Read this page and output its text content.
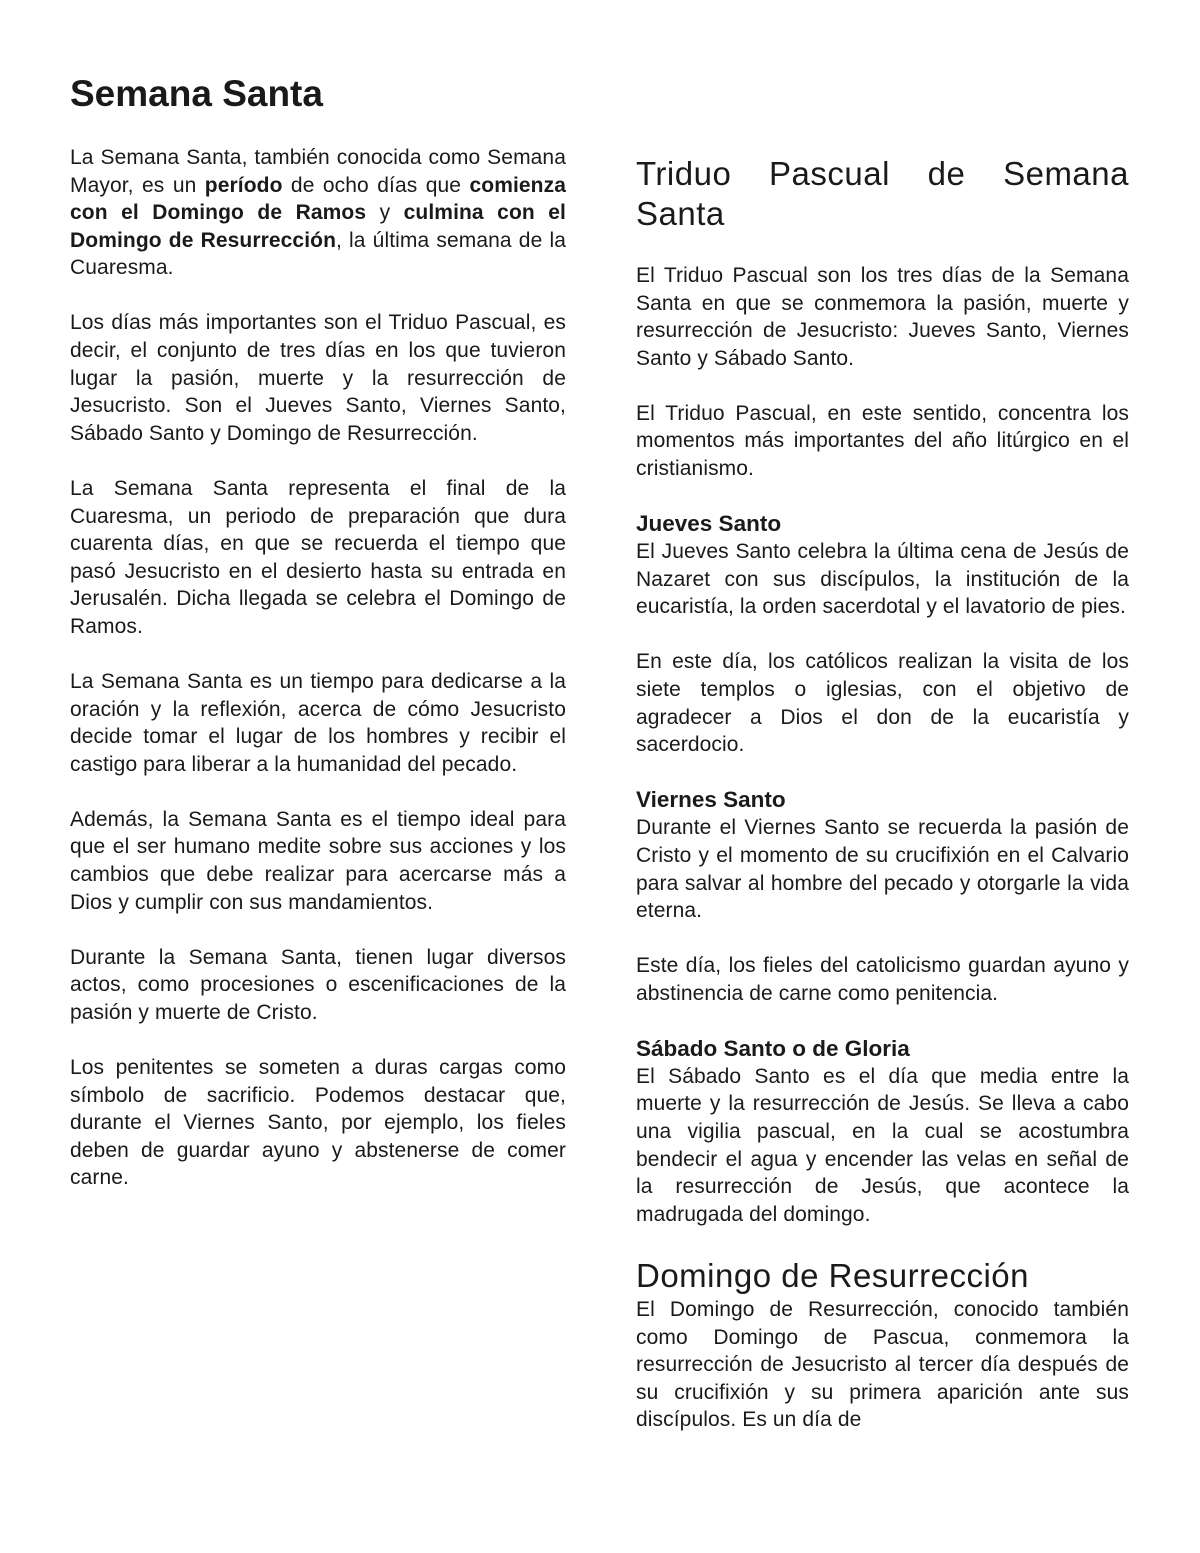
Semana Santa

La Semana Santa, también conocida como Semana Mayor, es un período de ocho días que comienza con el Domingo de Ramos y culmina con el Domingo de Resurrección, la última semana de la Cuaresma.

Los días más importantes son el Triduo Pascual, es decir, el conjunto de tres días en los que tuvieron lugar la pasión, muerte y la resurrección de Jesucristo. Son el Jueves Santo, Viernes Santo, Sábado Santo y Domingo de Resurrección.

La Semana Santa representa el final de la Cuaresma, un periodo de preparación que dura cuarenta días, en que se recuerda el tiempo que pasó Jesucristo en el desierto hasta su entrada en Jerusalén. Dicha llegada se celebra el Domingo de Ramos.

La Semana Santa es un tiempo para dedicarse a la oración y la reflexión, acerca de cómo Jesucristo decide tomar el lugar de los hombres y recibir el castigo para liberar a la humanidad del pecado.

Además, la Semana Santa es el tiempo ideal para que el ser humano medite sobre sus acciones y los cambios que debe realizar para acercarse más a Dios y cumplir con sus mandamientos.

Durante la Semana Santa, tienen lugar diversos actos, como procesiones o escenificaciones de la pasión y muerte de Cristo.

Los penitentes se someten a duras cargas como símbolo de sacrificio. Podemos destacar que, durante el Viernes Santo, por ejemplo, los fieles deben de guardar ayuno y abstenerse de comer carne.

Triduo Pascual de Semana Santa

El Triduo Pascual son los tres días de la Semana Santa en que se conmemora la pasión, muerte y resurrección de Jesucristo: Jueves Santo, Viernes Santo y Sábado Santo.

El Triduo Pascual, en este sentido, concentra los momentos más importantes del año litúrgico en el cristianismo.

Jueves Santo

El Jueves Santo celebra la última cena de Jesús de Nazaret con sus discípulos, la institución de la eucaristía, la orden sacerdotal y el lavatorio de pies.

En este día, los católicos realizan la visita de los siete templos o iglesias, con el objetivo de agradecer a Dios el don de la eucaristía y sacerdocio.

Viernes Santo

Durante el Viernes Santo se recuerda la pasión de Cristo y el momento de su crucifixión en el Calvario para salvar al hombre del pecado y otorgarle la vida eterna.

Este día, los fieles del catolicismo guardan ayuno y abstinencia de carne como penitencia.

Sábado Santo o de Gloria

El Sábado Santo es el día que media entre la muerte y la resurrección de Jesús. Se lleva a cabo una vigilia pascual, en la cual se acostumbra bendecir el agua y encender las velas en señal de la resurrección de Jesús, que acontece la madrugada del domingo.

Domingo de Resurrección

El Domingo de Resurrección, conocido también como Domingo de Pascua, conmemora la resurrección de Jesucristo al tercer día después de su crucifixión y su primera aparición ante sus discípulos. Es un día de
